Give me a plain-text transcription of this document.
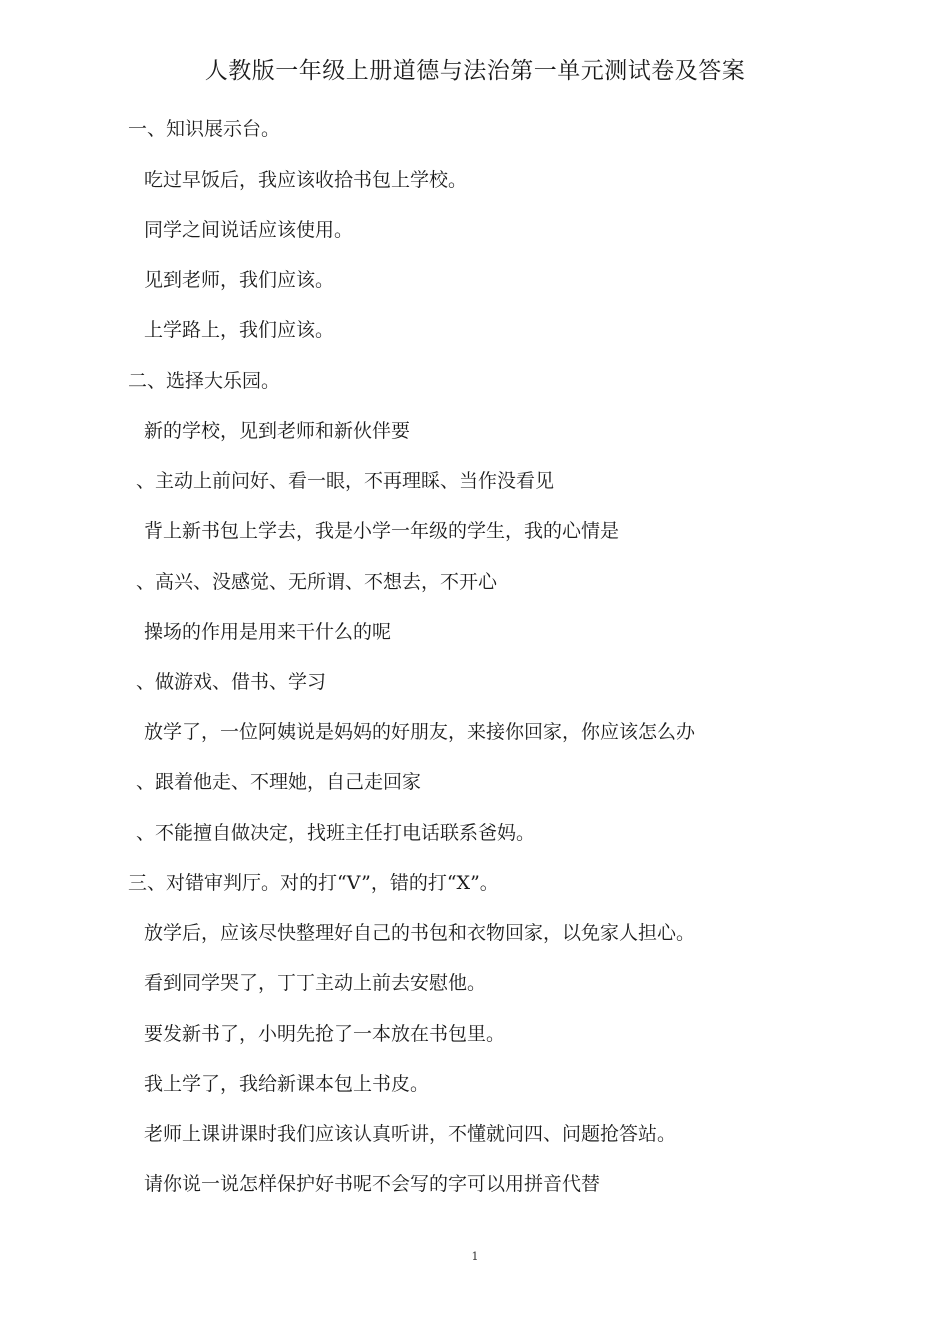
人教版一年级上册道德与法治第一单元测试卷及答案

一、知识展示台。

吃过早饭后，我应该收拾书包上学校。

同学之间说话应该使用。

见到老师，我们应该。

上学路上，我们应该。

二、选择大乐园。

新的学校，见到老师和新伙伴要

、主动上前问好、看一眼，不再理睬、当作没看见

背上新书包上学去，我是小学一年级的学生，我的心情是

、高兴、没感觉、无所谓、不想去，不开心

操场的作用是用来干什么的呢

、做游戏、借书、学习

放学了，一位阿姨说是妈妈的好朋友，来接你回家，你应该怎么办

、跟着他走、不理她，自己走回家

、不能擅自做决定，找班主任打电话联系爸妈。

三、对错审判厅。对的打“V”，错的打“X”。

放学后，应该尽快整理好自己的书包和衣物回家，以免家人担心。

看到同学哭了，丁丁主动上前去安慰他。

要发新书了，小明先抢了一本放在书包里。

我上学了，我给新课本包上书皮。

老师上课讲课时我们应该认真听讲，不懂就问四、问题抢答站。

请你说一说怎样保护好书呢不会写的字可以用拼音代替

1
